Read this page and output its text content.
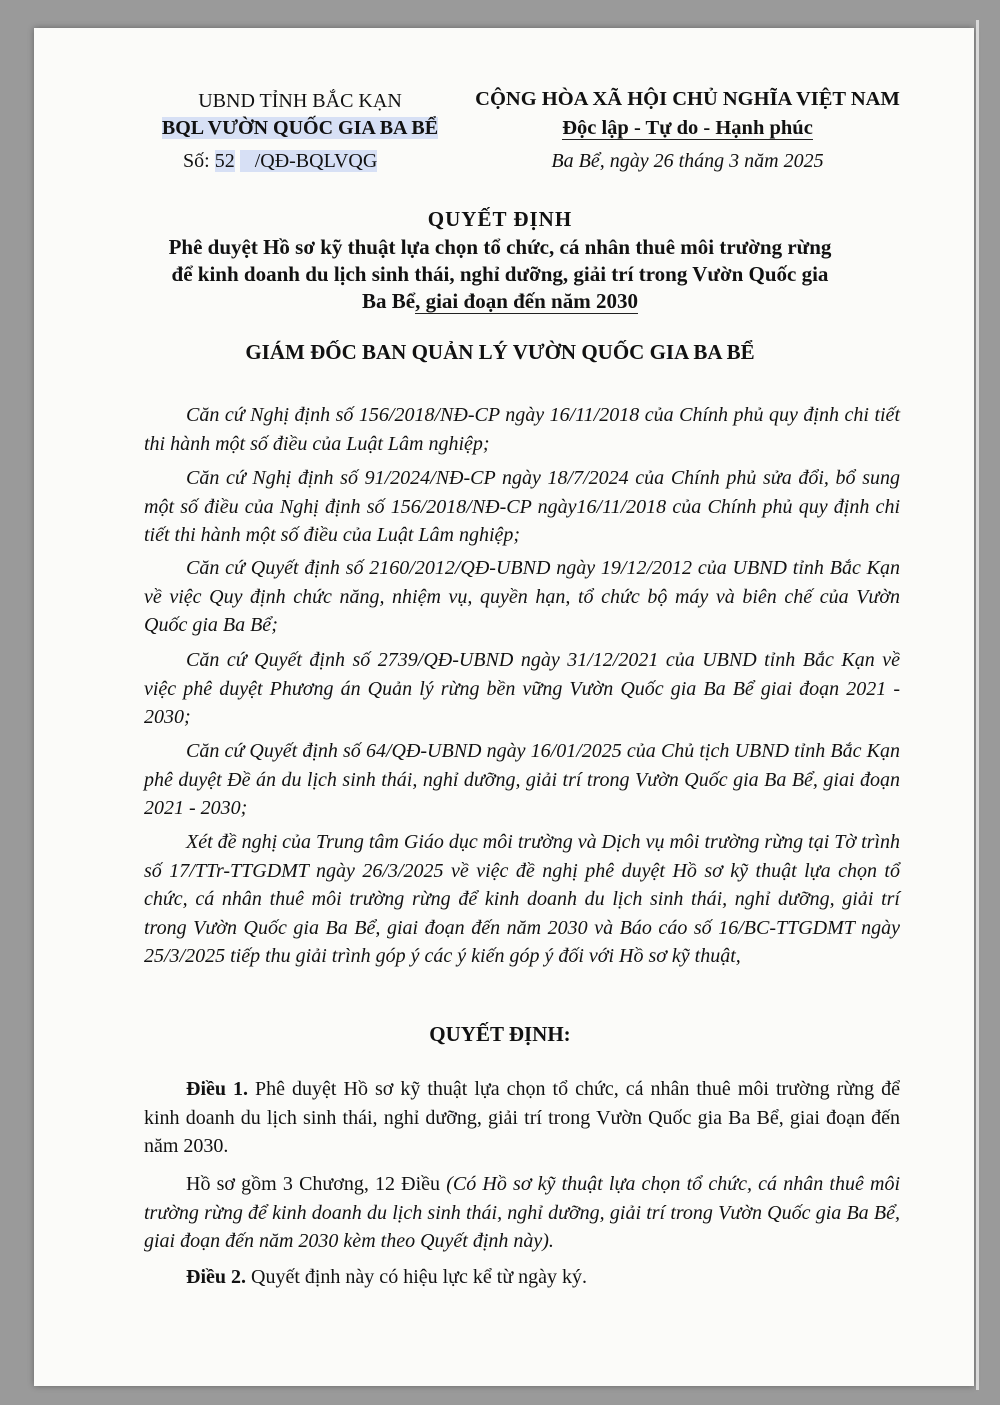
UBND TỈNH BẮC KẠN
BQL VƯỜN QUỐC GIA BA BỂ
Số: 52 /QĐ-BQLVQG
CỘNG HÒA XÃ HỘI CHỦ NGHĨA VIỆT NAM
Độc lập - Tự do - Hạnh phúc
Ba Bể, ngày 26 tháng 3 năm 2025
QUYẾT ĐỊNH
Phê duyệt Hồ sơ kỹ thuật lựa chọn tổ chức, cá nhân thuê môi trường rừng
để kinh doanh du lịch sinh thái, nghỉ dưỡng, giải trí trong Vườn Quốc gia
Ba Bể, giai đoạn đến năm 2030
GIÁM ĐỐC BAN QUẢN LÝ VƯỜN QUỐC GIA BA BỂ
Căn cứ Nghị định số 156/2018/NĐ-CP ngày 16/11/2018 của Chính phủ quy định chi tiết thi hành một số điều của Luật Lâm nghiệp;
Căn cứ Nghị định số 91/2024/NĐ-CP ngày 18/7/2024 của Chính phủ sửa đổi, bổ sung một số điều của Nghị định số 156/2018/NĐ-CP ngày16/11/2018 của Chính phủ quy định chi tiết thi hành một số điều của Luật Lâm nghiệp;
Căn cứ Quyết định số 2160/2012/QĐ-UBND ngày 19/12/2012 của UBND tỉnh Bắc Kạn về việc Quy định chức năng, nhiệm vụ, quyền hạn, tổ chức bộ máy và biên chế của Vườn Quốc gia Ba Bể;
Căn cứ Quyết định số 2739/QĐ-UBND ngày 31/12/2021 của UBND tỉnh Bắc Kạn về việc phê duyệt Phương án Quản lý rừng bền vững Vườn Quốc gia Ba Bể giai đoạn 2021 - 2030;
Căn cứ Quyết định số 64/QĐ-UBND ngày 16/01/2025 của Chủ tịch UBND tỉnh Bắc Kạn phê duyệt Đề án du lịch sinh thái, nghỉ dưỡng, giải trí trong Vườn Quốc gia Ba Bể, giai đoạn 2021 - 2030;
Xét đề nghị của Trung tâm Giáo dục môi trường và Dịch vụ môi trường rừng tại Tờ trình số 17/TTr-TTGDMT ngày 26/3/2025 về việc đề nghị phê duyệt Hồ sơ kỹ thuật lựa chọn tổ chức, cá nhân thuê môi trường rừng để kinh doanh du lịch sinh thái, nghỉ dưỡng, giải trí trong Vườn Quốc gia Ba Bể, giai đoạn đến năm 2030 và Báo cáo số 16/BC-TTGDMT ngày 25/3/2025 tiếp thu giải trình góp ý các ý kiến góp ý đối với Hồ sơ kỹ thuật,
QUYẾT ĐỊNH:
Điều 1. Phê duyệt Hồ sơ kỹ thuật lựa chọn tổ chức, cá nhân thuê môi trường rừng để kinh doanh du lịch sinh thái, nghỉ dưỡng, giải trí trong Vườn Quốc gia Ba Bể, giai đoạn đến năm 2030.
Hồ sơ gồm 3 Chương, 12 Điều (Có Hồ sơ kỹ thuật lựa chọn tổ chức, cá nhân thuê môi trường rừng để kinh doanh du lịch sinh thái, nghỉ dưỡng, giải trí trong Vườn Quốc gia Ba Bể, giai đoạn đến năm 2030 kèm theo Quyết định này).
Điều 2. Quyết định này có hiệu lực kể từ ngày ký.
